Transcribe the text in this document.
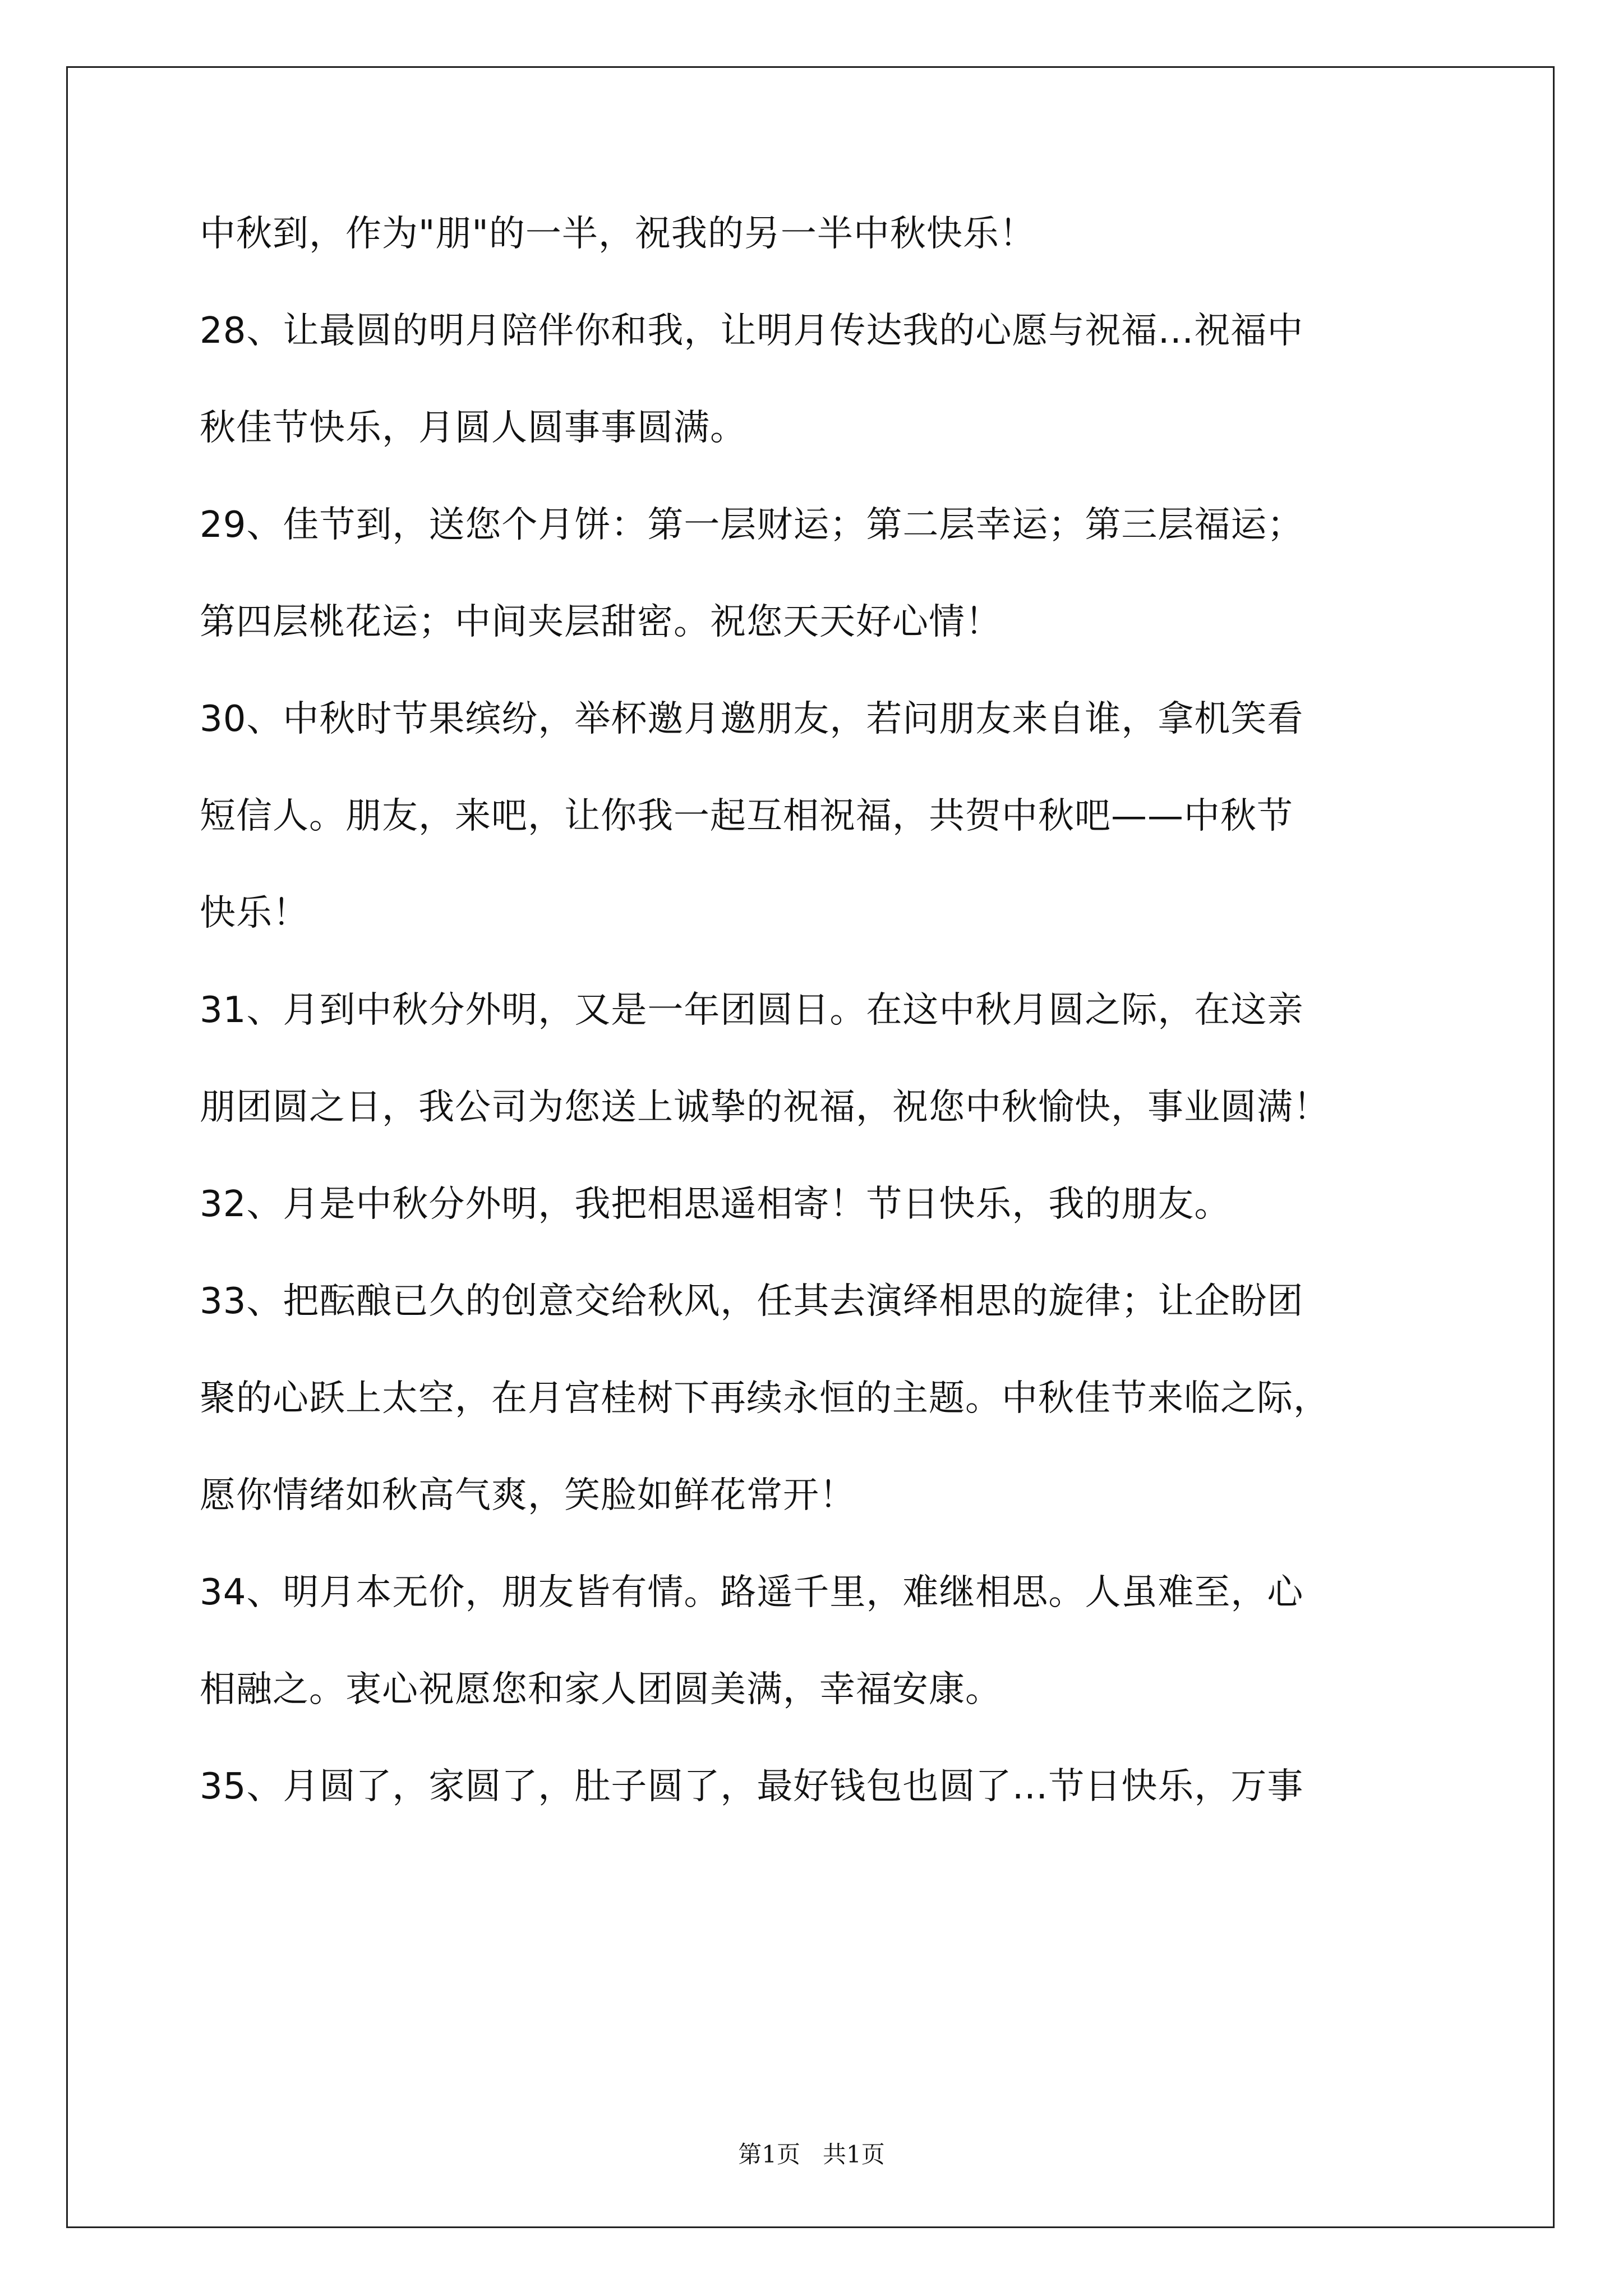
中秋到，作为"朋"的一半，祝我的另一半中秋快乐！
28、让最圆的明月陪伴你和我，让明月传达我的心愿与祝福…祝福中
秋佳节快乐，月圆人圆事事圆满。
29、佳节到，送您个月饼：第一层财运；第二层幸运；第三层福运；
第四层桃花运；中间夹层甜密。祝您天天好心情！
30、中秋时节果缤纷，举杯邀月邀朋友，若问朋友来自谁，拿机笑看
短信人。朋友，来吧，让你我一起互相祝福，共贺中秋吧——中秋节
快乐！
31、月到中秋分外明，又是一年团圆日。在这中秋月圆之际，在这亲
朋团圆之日，我公司为您送上诚挚的祝福，祝您中秋愉快，事业圆满！
32、月是中秋分外明，我把相思遥相寄！节日快乐，我的朋友。
33、把酝酿已久的创意交给秋风，任其去演绎相思的旋律；让企盼团
聚的心跃上太空，在月宫桂树下再续永恒的主题。中秋佳节来临之际，
愿你情绪如秋高气爽，笑脸如鲜花常开！
34、明月本无价，朋友皆有情。路遥千里，难继相思。人虽难至，心
相融之。衷心祝愿您和家人团圆美满，幸福安康。
35、月圆了，家圆了，肚子圆了，最好钱包也圆了…节日快乐，万事
第1页 共1页
